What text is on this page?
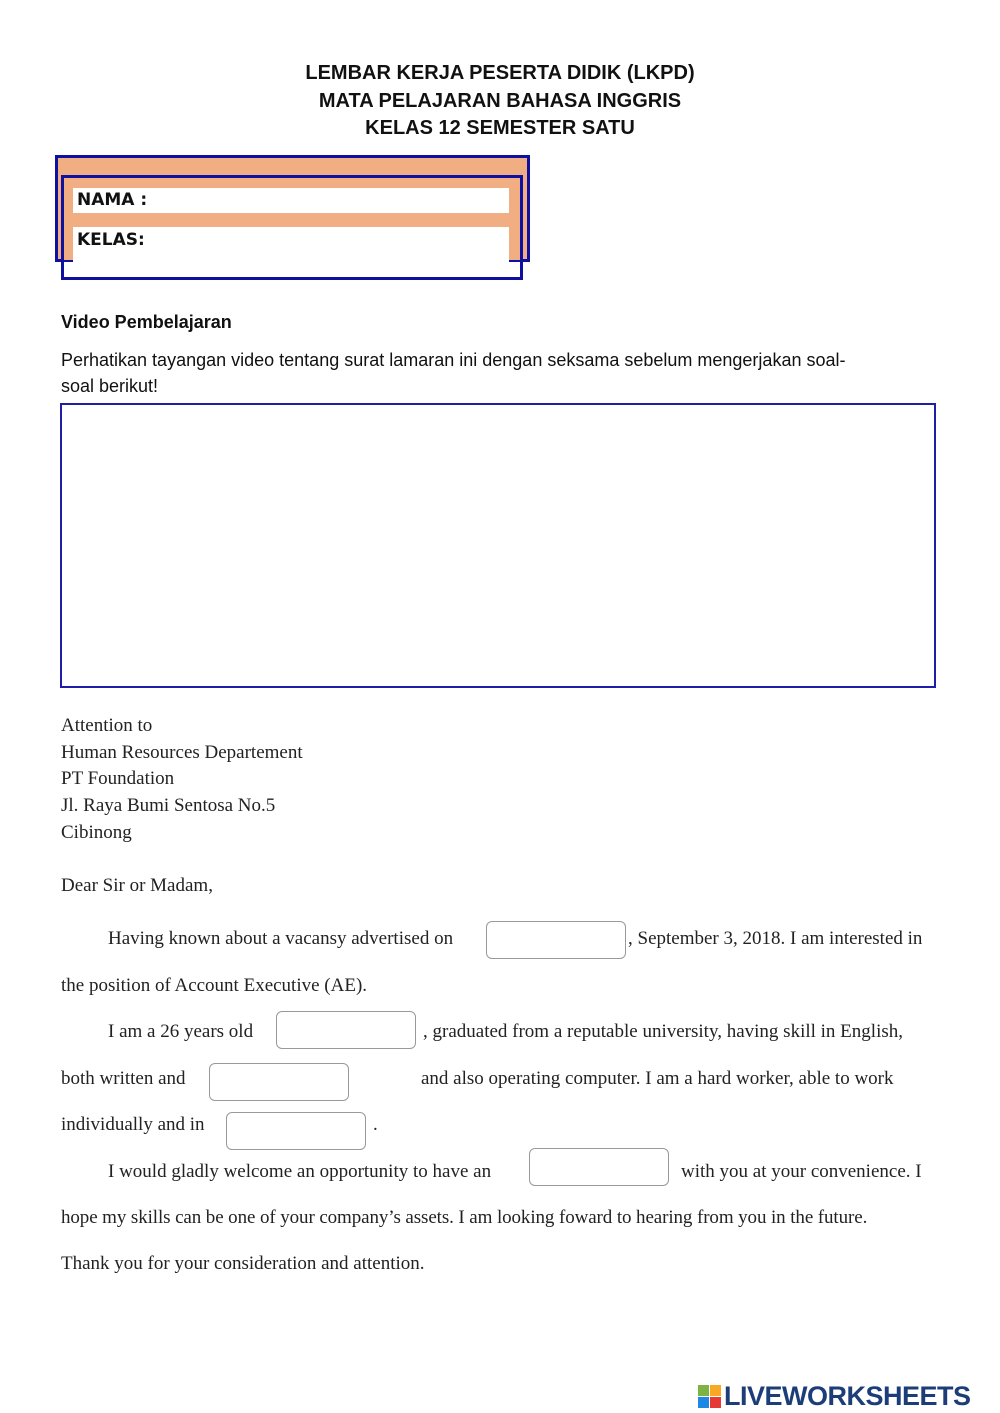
LEMBAR KERJA PESERTA DIDIK (LKPD)
MATA PELAJARAN BAHASA INGGRIS
KELAS 12 SEMESTER SATU
NAMA :
KELAS:
Video Pembelajaran
Perhatikan tayangan video tentang surat lamaran ini dengan seksama sebelum mengerjakan soal-
soal berikut!
Attention to
Human Resources Departement
PT Foundation
Jl. Raya Bumi Sentosa No.5
Cibinong
Dear Sir or Madam,
Having known about a vacansy advertised on	, September 3, 2018. I am interested in
the position of Account Executive (AE).
I am a 26 years old	, graduated from a reputable university, having skill in English,
both written and	and also operating computer. I am a hard worker, able to work
individually and in	.
I would gladly welcome an opportunity to have an	with you at your convenience. I
hope my skills can be one of your company’s assets. I am looking foward to hearing from you in the future.
Thank you for your consideration and attention.
LIVEWORKSHEETS
